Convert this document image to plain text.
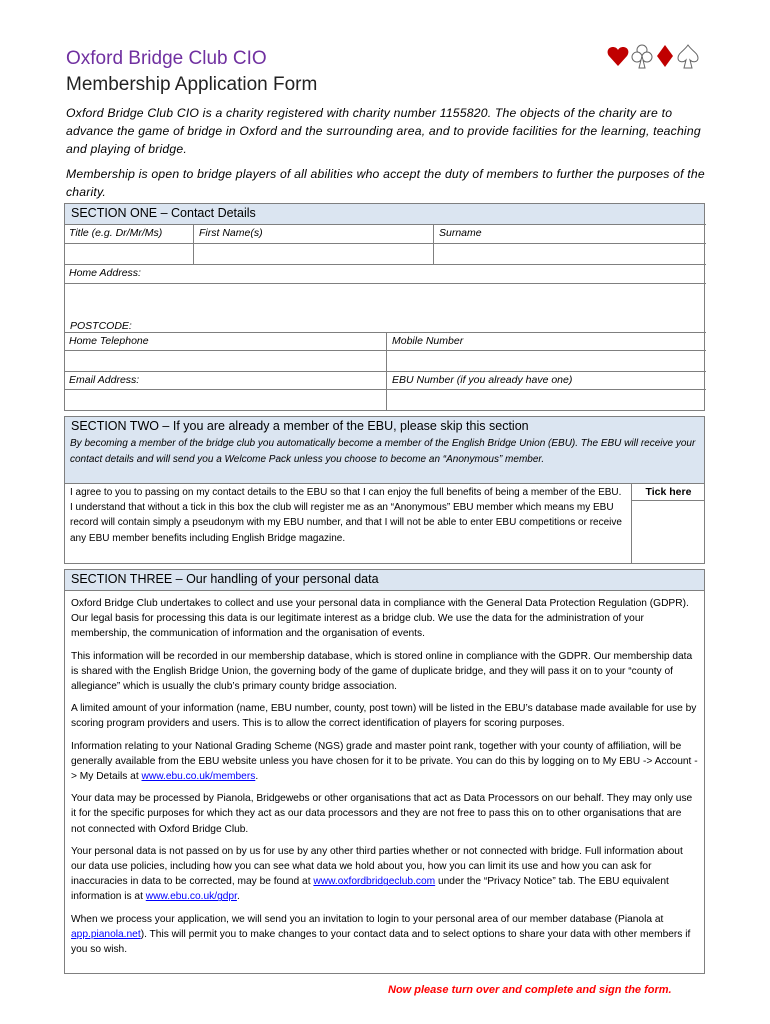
Oxford Bridge Club CIO
Membership Application Form
Oxford Bridge Club CIO is a charity registered with charity number 1155820. The objects of the charity are to advance the game of bridge in Oxford and the surrounding area, and to provide facilities for the learning, teaching and playing of bridge.
Membership is open to bridge players of all abilities who accept the duty of members to further the purposes of the charity.
SECTION ONE – Contact Details
Title (e.g. Dr/Mr/Ms)	First Name(s)	Surname
Home Address:
POSTCODE:
Home Telephone	Mobile Number
Email Address:	EBU Number (if you already have one)
SECTION TWO – If you are already a member of the EBU, please skip this section
By becoming a member of the bridge club you automatically become a member of the English Bridge Union (EBU). The EBU will receive your contact details and will send you a Welcome Pack unless you choose to become an “Anonymous” member.
I agree to you to passing on my contact details to the EBU so that I can enjoy the full benefits of being a member of the EBU. I understand that without a tick in this box the club will register me as an “Anonymous” EBU member which means my EBU record will contain simply a pseudonym with my EBU number, and that I will not be able to enter EBU competitions or receive any EBU member benefits including English Bridge magazine.
Tick here
SECTION THREE – Our handling of your personal data

Oxford Bridge Club undertakes to collect and use your personal data in compliance with the General Data Protection Regulation (GDPR). Our legal basis for processing this data is our legitimate interest as a bridge club. We use the data for the administration of your membership, the communication of information and the organisation of events.

This information will be recorded in our membership database, which is stored online in compliance with the GDPR. Our membership data is shared with the English Bridge Union, the governing body of the game of duplicate bridge, and they will pass it on to your “county of allegiance” which is usually the club’s primary county bridge association.

A limited amount of your information (name, EBU number, county, post town) will be listed in the EBU’s database made available for use by scoring program providers and users. This is to allow the correct identification of players for scoring purposes.

Information relating to your National Grading Scheme (NGS) grade and master point rank, together with your county of affiliation, will be generally available from the EBU website unless you have chosen for it to be private. You can do this by logging on to My EBU -> Account -> My Details at www.ebu.co.uk/members.

Your data may be processed by Pianola, Bridgewebs or other organisations that act as Data Processors on our behalf. They may only use it for the specific purposes for which they act as our data processors and they are not free to pass this on to other organisations that are not connected with Oxford Bridge Club.

Your personal data is not passed on by us for use by any other third parties whether or not connected with bridge. Full information about our data use policies, including how you can see what data we hold about you, how you can limit its use and how you can ask for inaccuracies in data to be corrected, may be found at www.oxfordbridgeclub.com under the “Privacy Notice” tab. The EBU equivalent information is at www.ebu.co.uk/gdpr.

When we process your application, we will send you an invitation to login to your personal area of our member database (Pianola at app.pianola.net). This will permit you to make changes to your contact data and to select options to share your data with other members if you so wish.

Now please turn over and complete and sign the form.
